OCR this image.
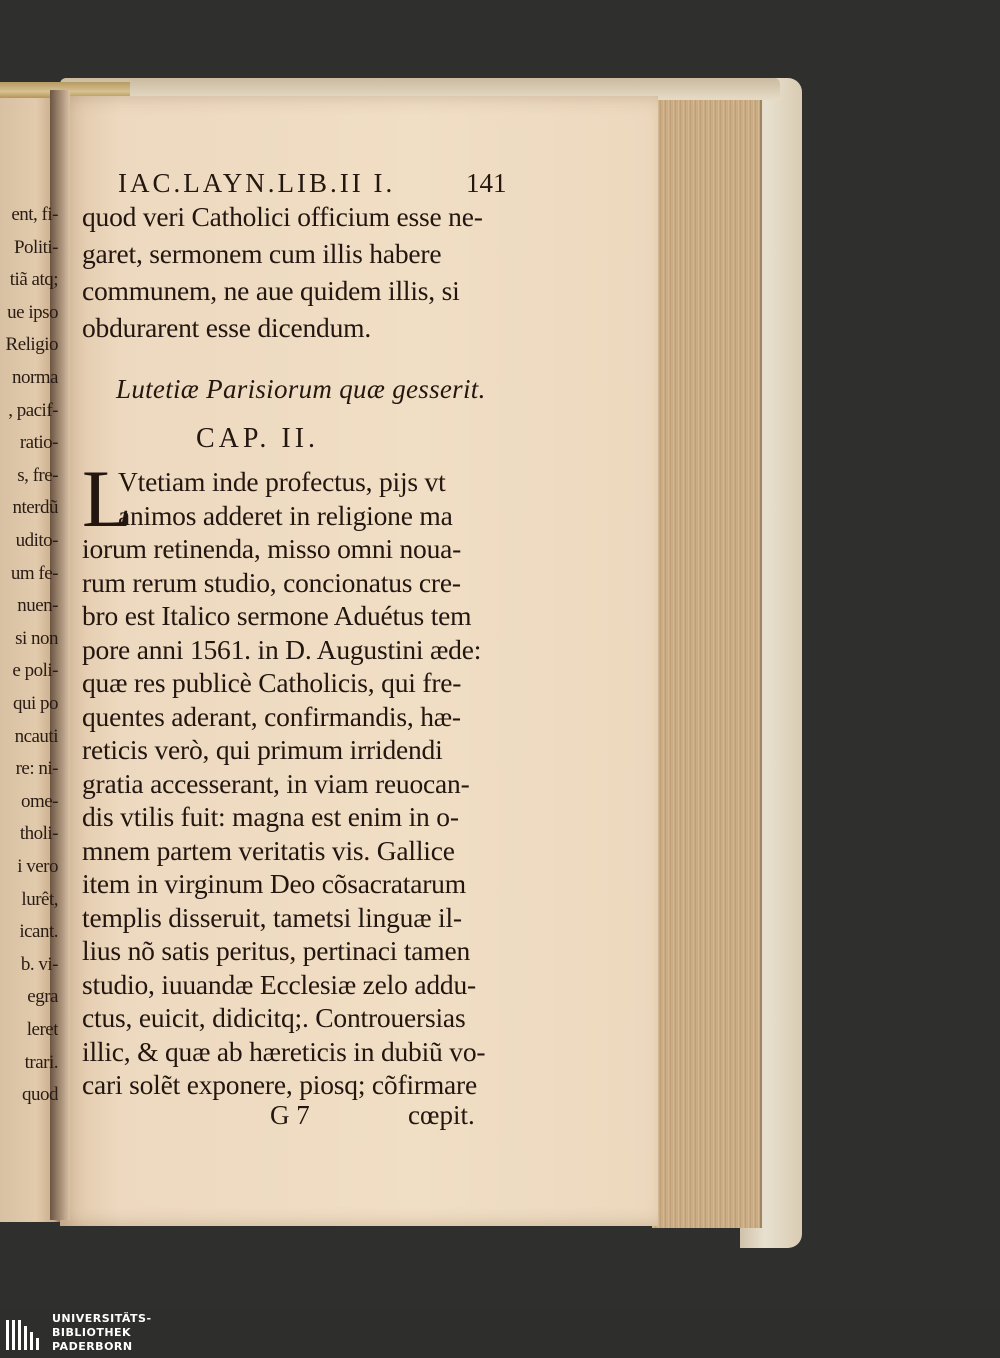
ent, fi-
Politi-
tiã atq;
ue ipso
Religio
norma
, pacif-
ratio-
s, fre-
nterdũ
udito-
um fe-
nuen-
si non
e poli-
qui po
ncauti
re: ni-
ome-
tholi-
i vero
lurêt,
icant.
b. vi-
egra
leret
trari.
quod
IAC.LAYN.LIB.II I.	141
quod veri Catholici officium esse ne-
garet, sermonem cum illis habere
communem, ne aue quidem illis, si
obdurarent esse dicendum.
Lutetiæ Parisiorum quæ gesserit.
CAP. II.
L
Vtetiam inde profectus, pijs vt
animos adderet in religione ma
iorum retinenda, misso omni noua-
rum rerum studio, concionatus cre-
bro est Italico sermone Aduétus tem
pore anni 1561. in D. Augustini æde:
quæ res publicè Catholicis, qui fre-
quentes aderant, confirmandis, hæ-
reticis verò, qui primum irridendi
gratia accesserant, in viam reuocan-
dis vtilis fuit: magna est enim in o-
mnem partem veritatis vis. Gallice
item in virginum Deo cõsacratarum
templis disseruit, tametsi linguæ il-
lius nõ satis peritus, pertinaci tamen
studio, iuuandæ Ecclesiæ zelo addu-
ctus, euicit, didicitq;. Controuersias
illic, & quæ ab hæreticis in dubiũ vo-
cari solẽt exponere, piosq; cõfirmare
G 7	cœpit.
UNIVERSITÄTS-
BIBLIOTHEK
PADERBORN
